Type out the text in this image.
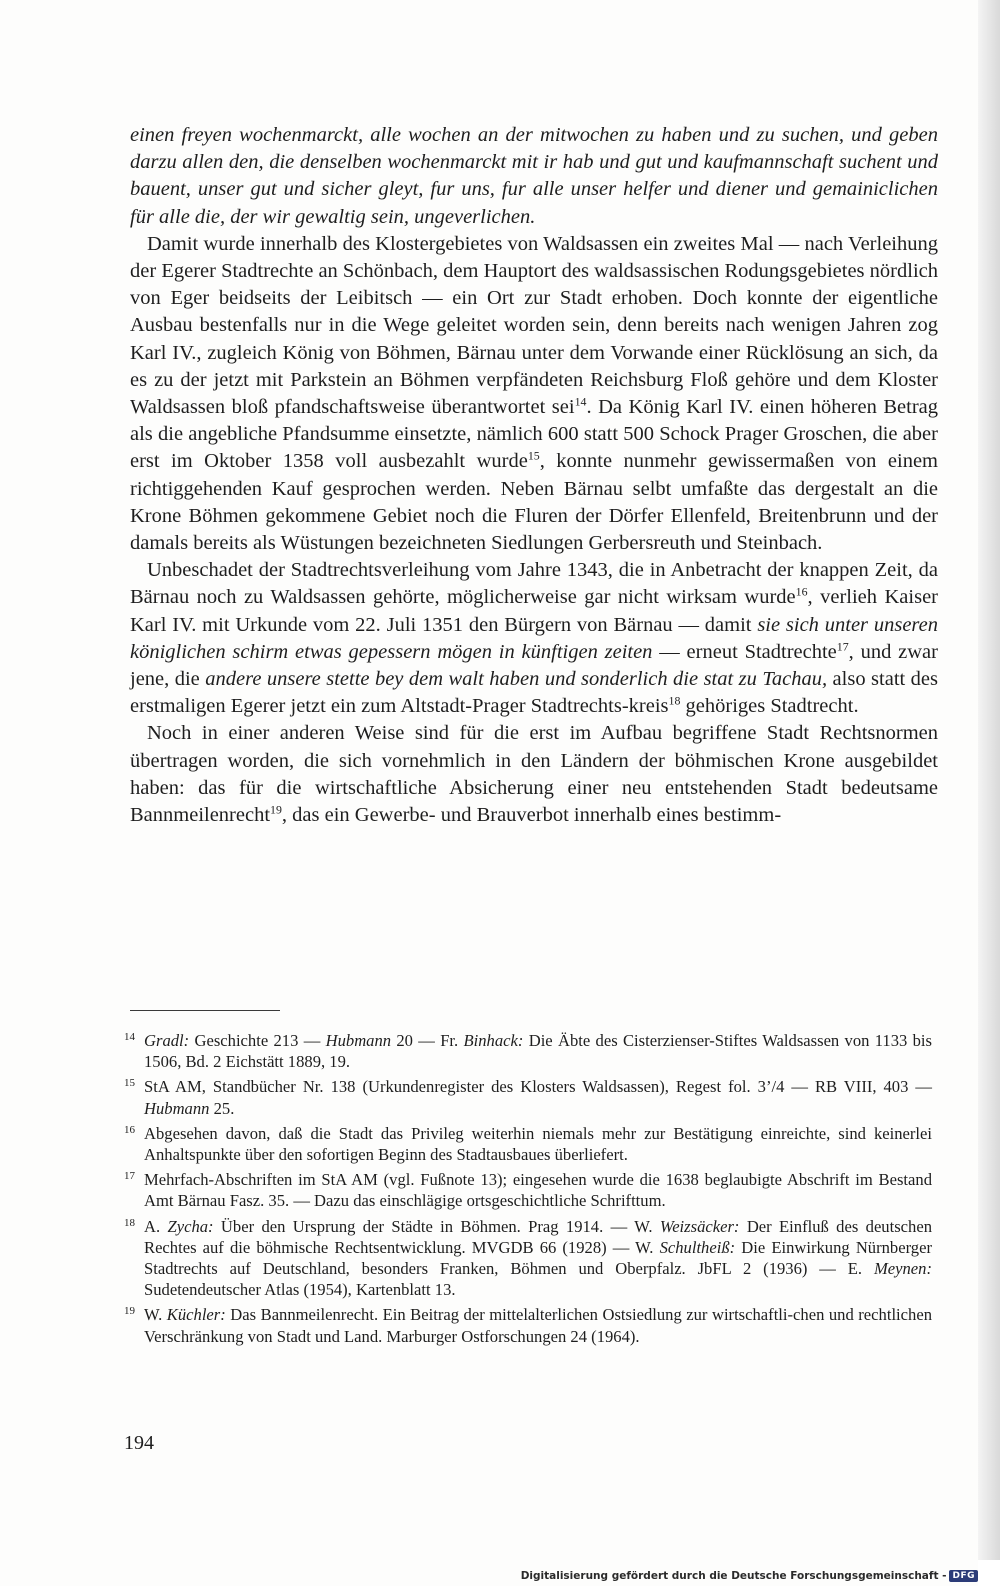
einen freyen wochenmarckt, alle wochen an der mitwochen zu haben und zu suchen, und geben darzu allen den, die denselben wochenmarckt mit ir hab und gut und kaufmannschaft suchent und bauent, unser gut und sicher gleyt, fur uns, fur alle unser helfer und diener und gemainiclichen für alle die, der wir gewaltig sein, ungeverlichen.

Damit wurde innerhalb des Klostergebietes von Waldsassen ein zweites Mal — nach Verleihung der Egerer Stadtrechte an Schönbach, dem Hauptort des waldsassischen Rodungsgebietes nördlich von Eger beidseits der Leibitsch — ein Ort zur Stadt erhoben. Doch konnte der eigentliche Ausbau bestenfalls nur in die Wege geleitet worden sein, denn bereits nach wenigen Jahren zog Karl IV., zugleich König von Böhmen, Bärnau unter dem Vorwande einer Rücklösung an sich, da es zu der jetzt mit Parkstein an Böhmen verpfändeten Reichsburg Floß gehöre und dem Kloster Waldsassen bloß pfandschaftsweise überantwortet sei$^{14}$. Da König Karl IV. einen höheren Betrag als die angebliche Pfandsumme einsetzte, nämlich 600 statt 500 Schock Prager Groschen, die aber erst im Oktober 1358 voll ausbezahlt wurde$^{15}$, konnte nunmehr gewissermaßen von einem richtiggehenden Kauf gesprochen werden. Neben Bärnau selbt umfaßte das dergestalt an die Krone Böhmen gekommene Gebiet noch die Fluren der Dörfer Ellenfeld, Breitenbrunn und der damals bereits als Wüstungen bezeichneten Siedlungen Gerbersreuth und Steinbach.

Unbeschadet der Stadtrechtsverleihung vom Jahre 1343, die in Anbetracht der knappen Zeit, da Bärnau noch zu Waldsassen gehörte, möglicherweise gar nicht wirksam wurde$^{16}$, verlieh Kaiser Karl IV. mit Urkunde vom 22. Juli 1351 den Bürgern von Bärnau — damit sie sich unter unseren königlichen schirm etwas gepessern mögen in künftigen zeiten — erneut Stadtrechte$^{17}$, und zwar jene, die andere unsere stette bey dem walt haben und sonderlich die stat zu Tachau, also statt des erstmaligen Egerer jetzt ein zum Altstadt-Prager Stadtrechts-kreis$^{18}$ gehöriges Stadtrecht.

Noch in einer anderen Weise sind für die erst im Aufbau begriffene Stadt Rechtsnormen übertragen worden, die sich vornehmlich in den Ländern der böhmischen Krone ausgebildet haben: das für die wirtschaftliche Absicherung einer neu entstehenden Stadt bedeutsame Bannmeilenrecht$^{19}$, das ein Gewerbe- und Brauverbot innerhalb eines bestimm-

14 Gradl: Geschichte 213 — Hubmann 20 — Fr. Binhack: Die Äbte des Cisterzienser-Stiftes Waldsassen von 1133 bis 1506, Bd. 2 Eichstätt 1889, 19.
15 StA AM, Standbücher Nr. 138 (Urkundenregister des Klosters Waldsassen), Regest fol. 3’/4 — RB VIII, 403 — Hubmann 25.
16 Abgesehen davon, daß die Stadt das Privileg weiterhin niemals mehr zur Bestätigung einreichte, sind keinerlei Anhaltspunkte über den sofortigen Beginn des Stadtausbaues überliefert.
17 Mehrfach-Abschriften im StA AM (vgl. Fußnote 13); eingesehen wurde die 1638 beglaubigte Abschrift im Bestand Amt Bärnau Fasz. 35. — Dazu das einschlägige ortsgeschichtliche Schrifttum.
18 A. Zycha: Über den Ursprung der Städte in Böhmen. Prag 1914. — W. Weizsäcker: Der Einfluß des deutschen Rechtes auf die böhmische Rechtsentwicklung. MVGDB 66 (1928) — W. Schultheiß: Die Einwirkung Nürnberger Stadtrechts auf Deutschland, besonders Franken, Böhmen und Oberpfalz. JbFL 2 (1936) — E. Meynen: Sudetendeutscher Atlas (1954), Kartenblatt 13.
19 W. Küchler: Das Bannmeilenrecht. Ein Beitrag der mittelalterlichen Ostsiedlung zur wirtschaftli-chen und rechtlichen Verschränkung von Stadt und Land. Marburger Ostforschungen 24 (1964).
194
Digitalisierung gefördert durch die Deutsche Forschungsgemeinschaft - DFG
